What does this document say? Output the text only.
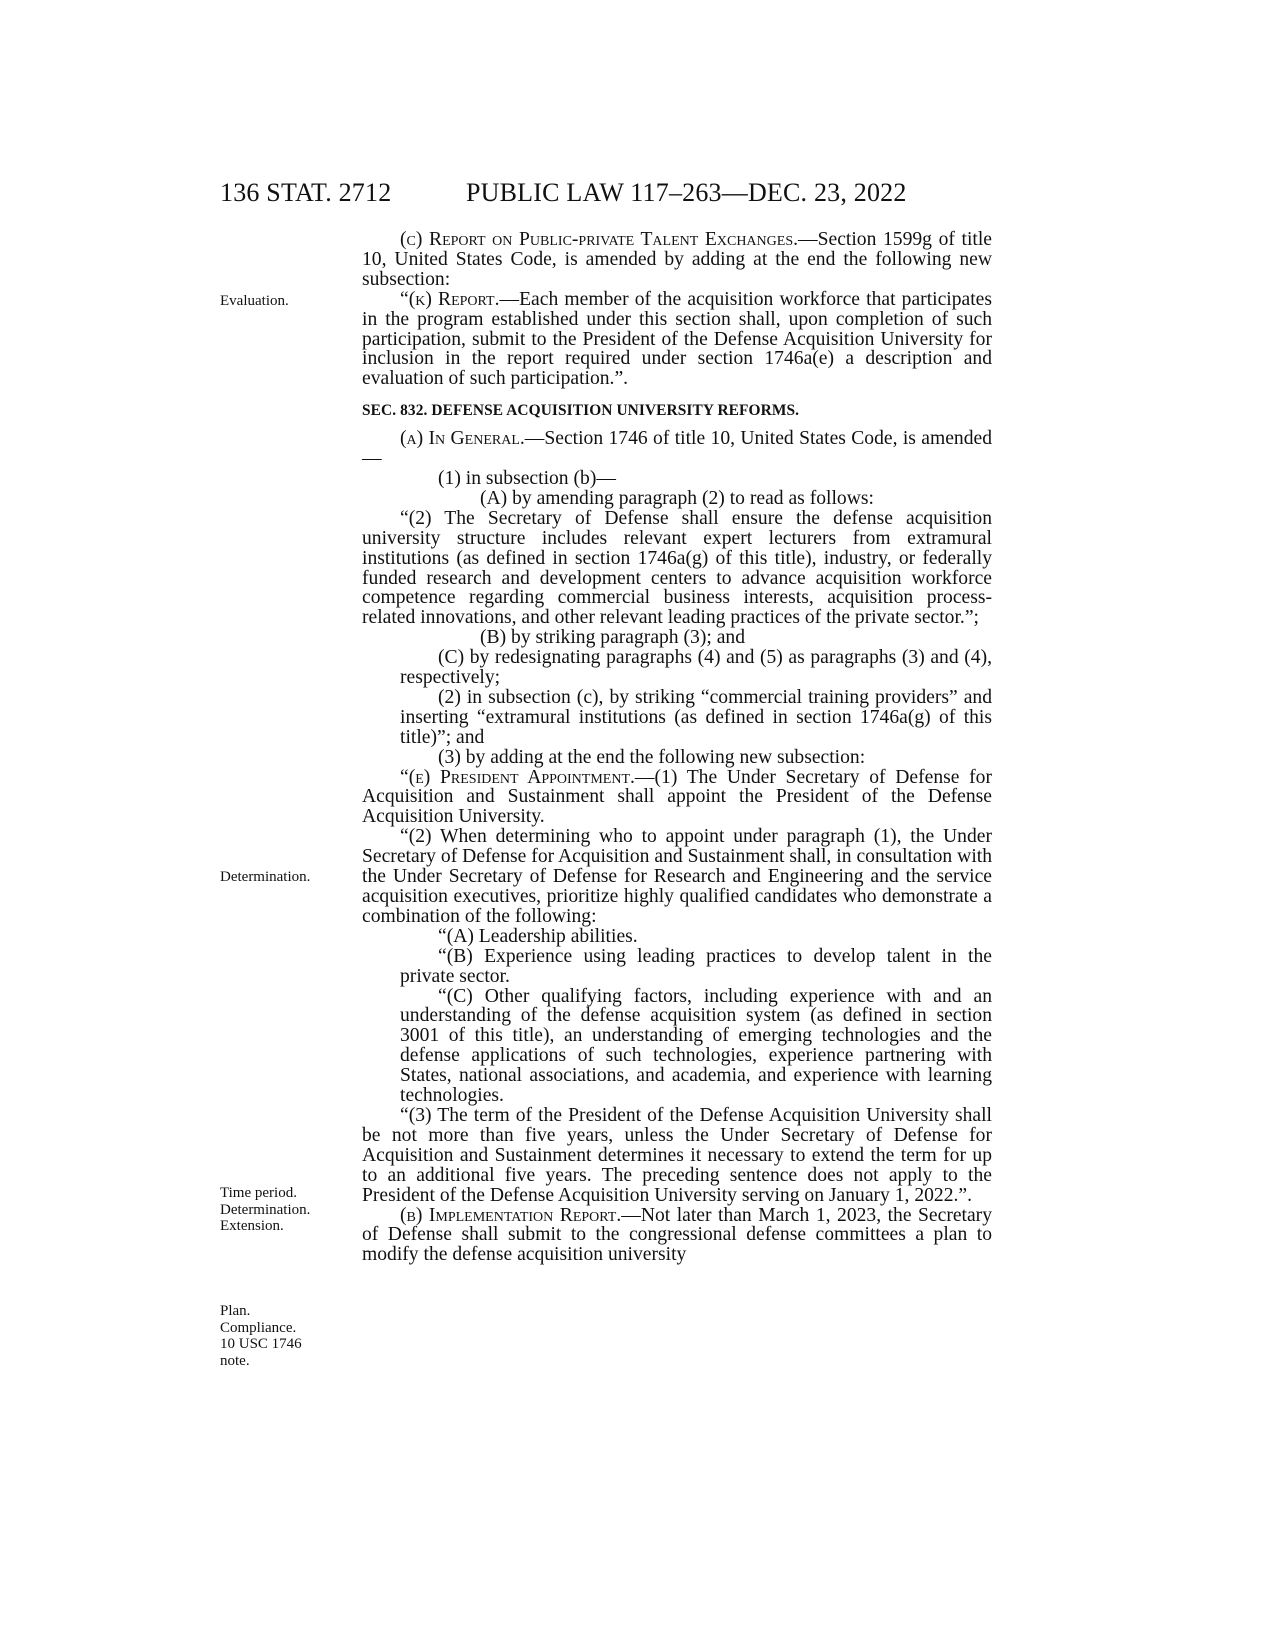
136 STAT. 2712	PUBLIC LAW 117–263—DEC. 23, 2022
Evaluation.
Determination.
Time period.
Determination.
Extension.
Plan.
Compliance.
10 USC 1746
note.

(c) Report on Public-private Talent Exchanges.—Section 1599g of title 10, United States Code, is amended by adding at the end the following new subsection:

“(k) Report.—Each member of the acquisition workforce that participates in the program established under this section shall, upon completion of such participation, submit to the President of the Defense Acquisition University for inclusion in the report required under section 1746a(e) a description and evaluation of such participation.”.

SEC. 832. DEFENSE ACQUISITION UNIVERSITY REFORMS.

(a) In General.—Section 1746 of title 10, United States Code, is amended—

(1) in subsection (b)—

(A) by amending paragraph (2) to read as follows:

“(2) The Secretary of Defense shall ensure the defense acquisition university structure includes relevant expert lecturers from extramural institutions (as defined in section 1746a(g) of this title), industry, or federally funded research and development centers to advance acquisition workforce competence regarding commercial business interests, acquisition process-related innovations, and other relevant leading practices of the private sector.”;

(B) by striking paragraph (3); and

(C) by redesignating paragraphs (4) and (5) as paragraphs (3) and (4), respectively;

(2) in subsection (c), by striking “commercial training providers” and inserting “extramural institutions (as defined in section 1746a(g) of this title)”; and

(3) by adding at the end the following new subsection:

“(e) President Appointment.—(1) The Under Secretary of Defense for Acquisition and Sustainment shall appoint the President of the Defense Acquisition University.

“(2) When determining who to appoint under paragraph (1), the Under Secretary of Defense for Acquisition and Sustainment shall, in consultation with the Under Secretary of Defense for Research and Engineering and the service acquisition executives, prioritize highly qualified candidates who demonstrate a combination of the following:

“(A) Leadership abilities.

“(B) Experience using leading practices to develop talent in the private sector.

“(C) Other qualifying factors, including experience with and an understanding of the defense acquisition system (as defined in section 3001 of this title), an understanding of emerging technologies and the defense applications of such technologies, experience partnering with States, national associations, and academia, and experience with learning technologies.

“(3) The term of the President of the Defense Acquisition University shall be not more than five years, unless the Under Secretary of Defense for Acquisition and Sustainment determines it necessary to extend the term for up to an additional five years. The preceding sentence does not apply to the President of the Defense Acquisition University serving on January 1, 2022.”.

(b) Implementation Report.—Not later than March 1, 2023, the Secretary of Defense shall submit to the congressional defense committees a plan to modify the defense acquisition university
